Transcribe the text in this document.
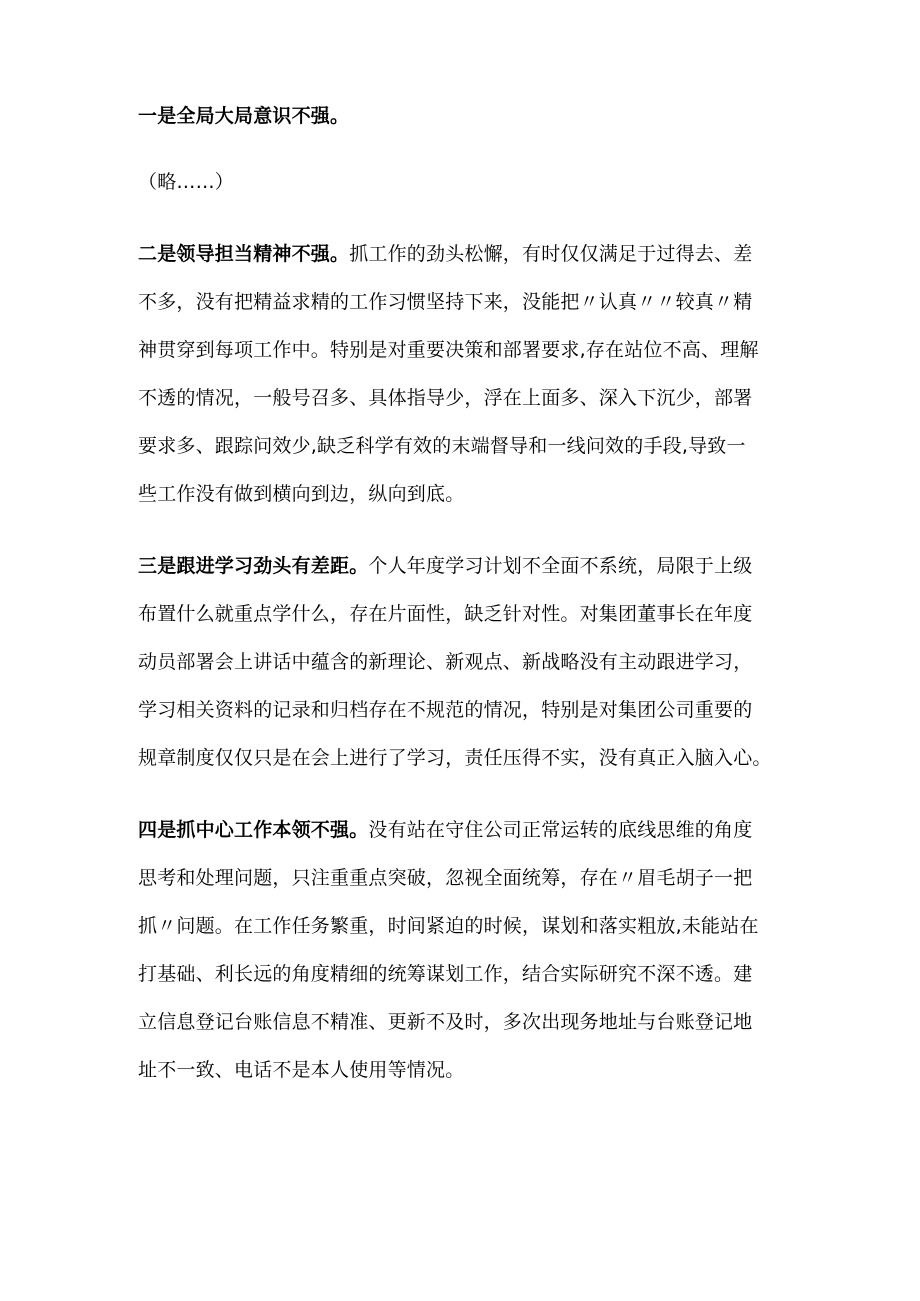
一是全局大局意识不强。
（略……）
二是领导担当精神不强。抓工作的劲头松懈，有时仅仅满足于过得去、差
不多，没有把精益求精的工作习惯坚持下来，没能把〃认真〃〃较真〃精
神贯穿到每项工作中。特别是对重要决策和部署要求,存在站位不高、理解
不透的情况，一般号召多、具体指导少，浮在上面多、深入下沉少，部署
要求多、跟踪问效少,缺乏科学有效的末端督导和一线问效的手段,导致一
些工作没有做到横向到边，纵向到底。
三是跟进学习劲头有差距。个人年度学习计划不全面不系统，局限于上级
布置什么就重点学什么，存在片面性，缺乏针对性。对集团董事长在年度
动员部署会上讲话中蕴含的新理论、新观点、新战略没有主动跟进学习，
学习相关资料的记录和归档存在不规范的情况，特别是对集团公司重要的
规章制度仅仅只是在会上进行了学习，责任压得不实，没有真正入脑入心。
四是抓中心工作本领不强。没有站在守住公司正常运转的底线思维的角度
思考和处理问题，只注重重点突破，忽视全面统筹，存在〃眉毛胡子一把
抓〃问题。在工作任务繁重，时间紧迫的时候，谋划和落实粗放,未能站在
打基础、利长远的角度精细的统筹谋划工作，结合实际研究不深不透。建
立信息登记台账信息不精准、更新不及时，多次出现务地址与台账登记地
址不一致、电话不是本人使用等情况。
